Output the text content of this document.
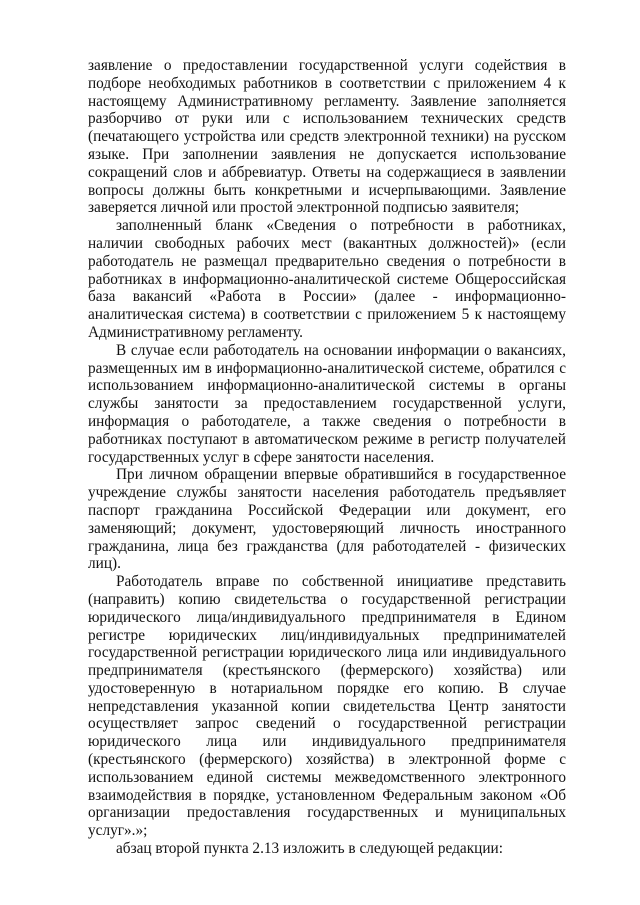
заявление о предоставлении государственной услуги содействия в подборе необходимых работников в соответствии с приложением 4 к настоящему Административному регламенту. Заявление заполняется разборчиво от руки или с использованием технических средств (печатающего устройства или средств электронной техники) на русском языке. При заполнении заявления не допускается использование сокращений слов и аббревиатур. Ответы на содержащиеся в заявлении вопросы должны быть конкретными и исчерпывающими. Заявление заверяется личной или простой электронной подписью заявителя;

заполненный бланк «Сведения о потребности в работниках, наличии свободных рабочих мест (вакантных должностей)» (если работодатель не размещал предварительно сведения о потребности в работниках в информационно-аналитической системе Общероссийская база вакансий «Работа в России» (далее - информационно-аналитическая система) в соответствии с приложением 5 к настоящему Административному регламенту.

В случае если работодатель на основании информации о вакансиях, размещенных им в информационно-аналитической системе, обратился с использованием информационно-аналитической системы в органы службы занятости за предоставлением государственной услуги, информация о работодателе, а также сведения о потребности в работниках поступают в автоматическом режиме в регистр получателей государственных услуг в сфере занятости населения.

При личном обращении впервые обратившийся в государственное учреждение службы занятости населения работодатель предъявляет паспорт гражданина Российской Федерации или документ, его заменяющий; документ, удостоверяющий личность иностранного гражданина, лица без гражданства (для работодателей - физических лиц).

Работодатель вправе по собственной инициативе представить (направить) копию свидетельства о государственной регистрации юридического лица/индивидуального предпринимателя в Едином регистре юридических лиц/индивидуальных предпринимателей государственной регистрации юридического лица или индивидуального предпринимателя (крестьянского (фермерского) хозяйства) или удостоверенную в нотариальном порядке его копию. В случае непредставления указанной копии свидетельства Центр занятости осуществляет запрос сведений о государственной регистрации юридического лица или индивидуального предпринимателя (крестьянского (фермерского) хозяйства) в электронной форме с использованием единой системы межведомственного электронного взаимодействия в порядке, установленном Федеральным законом «Об организации предоставления государственных и муниципальных услуг».»;

абзац второй пункта 2.13 изложить в следующей редакции:
